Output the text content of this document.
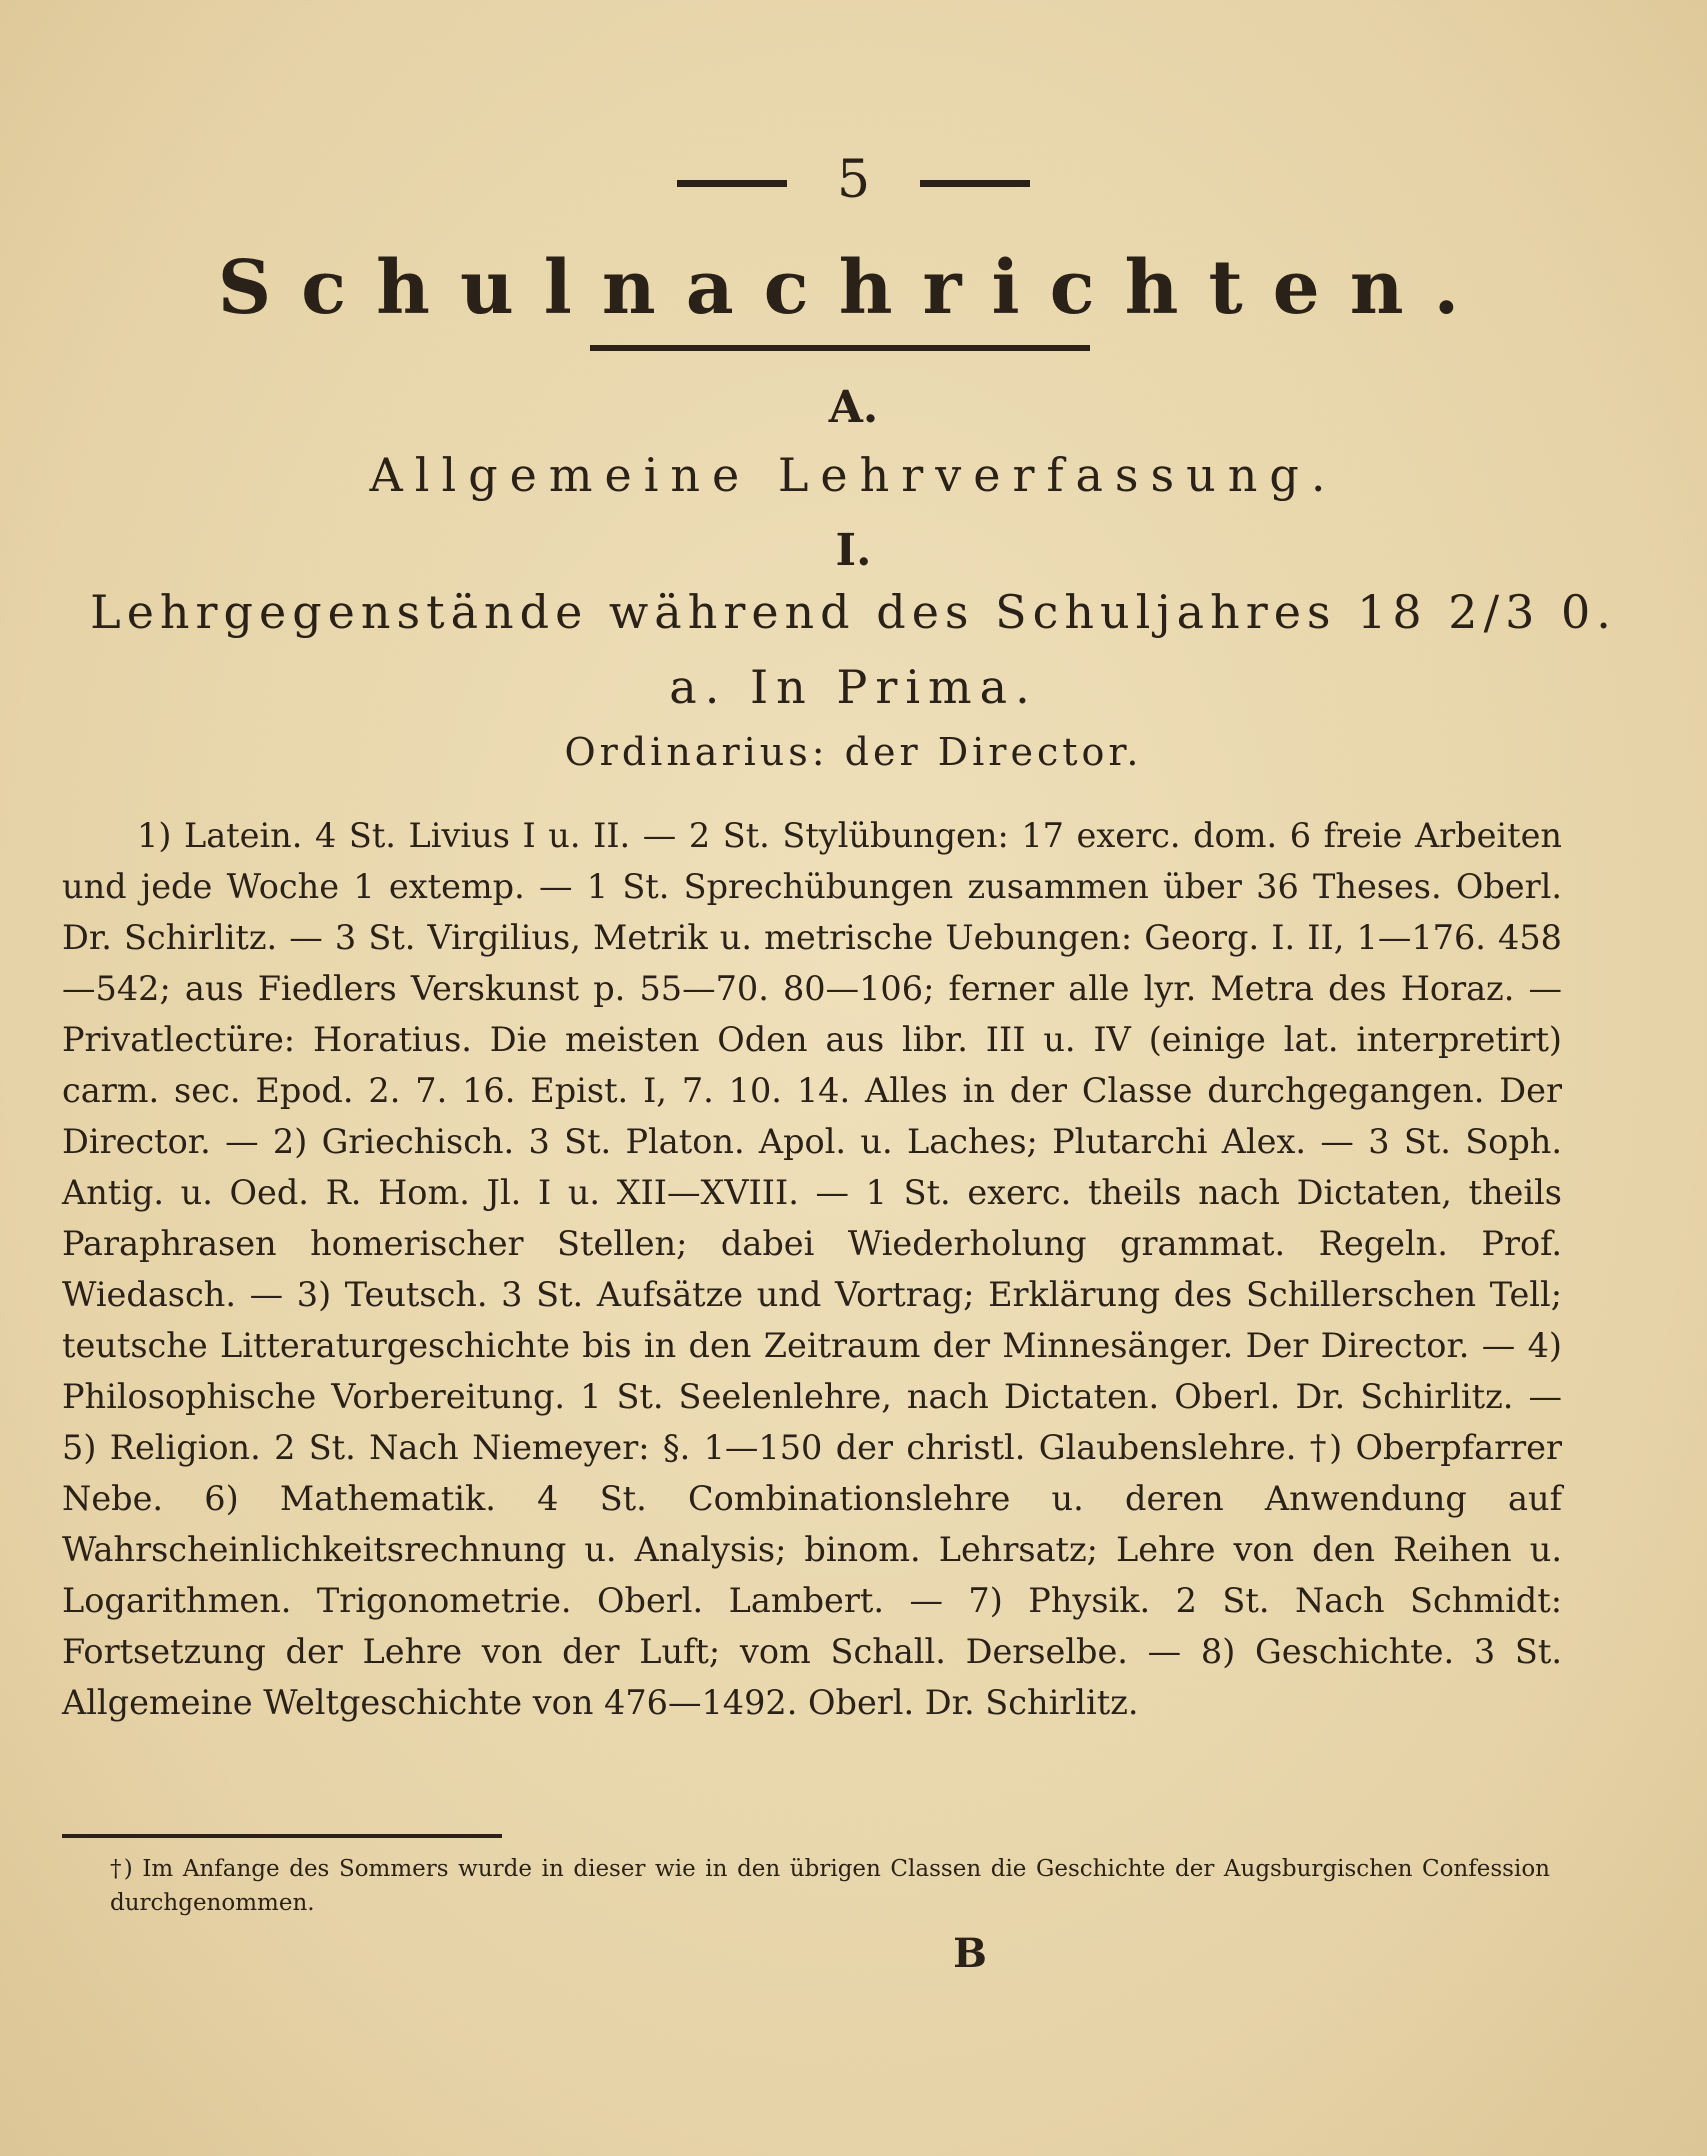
5
Schulnachrichten.
A.
Allgemeine Lehrverfassung.
I.
Lehrgegenstände während des Schuljahres 18 2/3 0.
a. In Prima.
Ordinarius: der Director.
1) Latein. 4 St. Livius I u. II. — 2 St. Stylübungen: 17 exerc. dom. 6 freie Arbeiten und jede Woche 1 extemp. — 1 St. Sprechübungen zusammen über 36 Theses. Oberl. Dr. Schirlitz. — 3 St. Virgilius, Metrik u. metrische Uebungen: Georg. I. II, 1—176. 458—542; aus Fiedlers Verskunst p. 55—70. 80—106; ferner alle lyr. Metra des Horaz. — Privatlectüre: Horatius. Die meisten Oden aus libr. III u. IV (einige lat. interpretirt) carm. sec. Epod. 2. 7. 16. Epist. I, 7. 10. 14. Alles in der Classe durchgegangen. Der Director. — 2) Griechisch. 3 St. Platon. Apol. u. Laches; Plutarchi Alex. — 3 St. Soph. Antig. u. Oed. R. Hom. Jl. I u. XII—XVIII. — 1 St. exerc. theils nach Dictaten, theils Paraphrasen homerischer Stellen; dabei Wiederholung grammat. Regeln. Prof. Wiedasch. — 3) Teutsch. 3 St. Aufsätze und Vortrag; Erklärung des Schillerschen Tell; teutsche Litteraturgeschichte bis in den Zeitraum der Minnesänger. Der Director. — 4) Philosophische Vorbereitung. 1 St. Seelenlehre, nach Dictaten. Oberl. Dr. Schirlitz. — 5) Religion. 2 St. Nach Niemeyer: §. 1—150 der christl. Glaubenslehre. †) Oberpfarrer Nebe. 6) Mathematik. 4 St. Combinationslehre u. deren Anwendung auf Wahrscheinlichkeitsrechnung u. Analysis; binom. Lehrsatz; Lehre von den Reihen u. Logarithmen. Trigonometrie. Oberl. Lambert. — 7) Physik. 2 St. Nach Schmidt: Fortsetzung der Lehre von der Luft; vom Schall. Derselbe. — 8) Geschichte. 3 St. Allgemeine Weltgeschichte von 476—1492. Oberl. Dr. Schirlitz.
†) Im Anfange des Sommers wurde in dieser wie in den übrigen Classen die Geschichte der Augsburgischen Confession durchgenommen.
B
